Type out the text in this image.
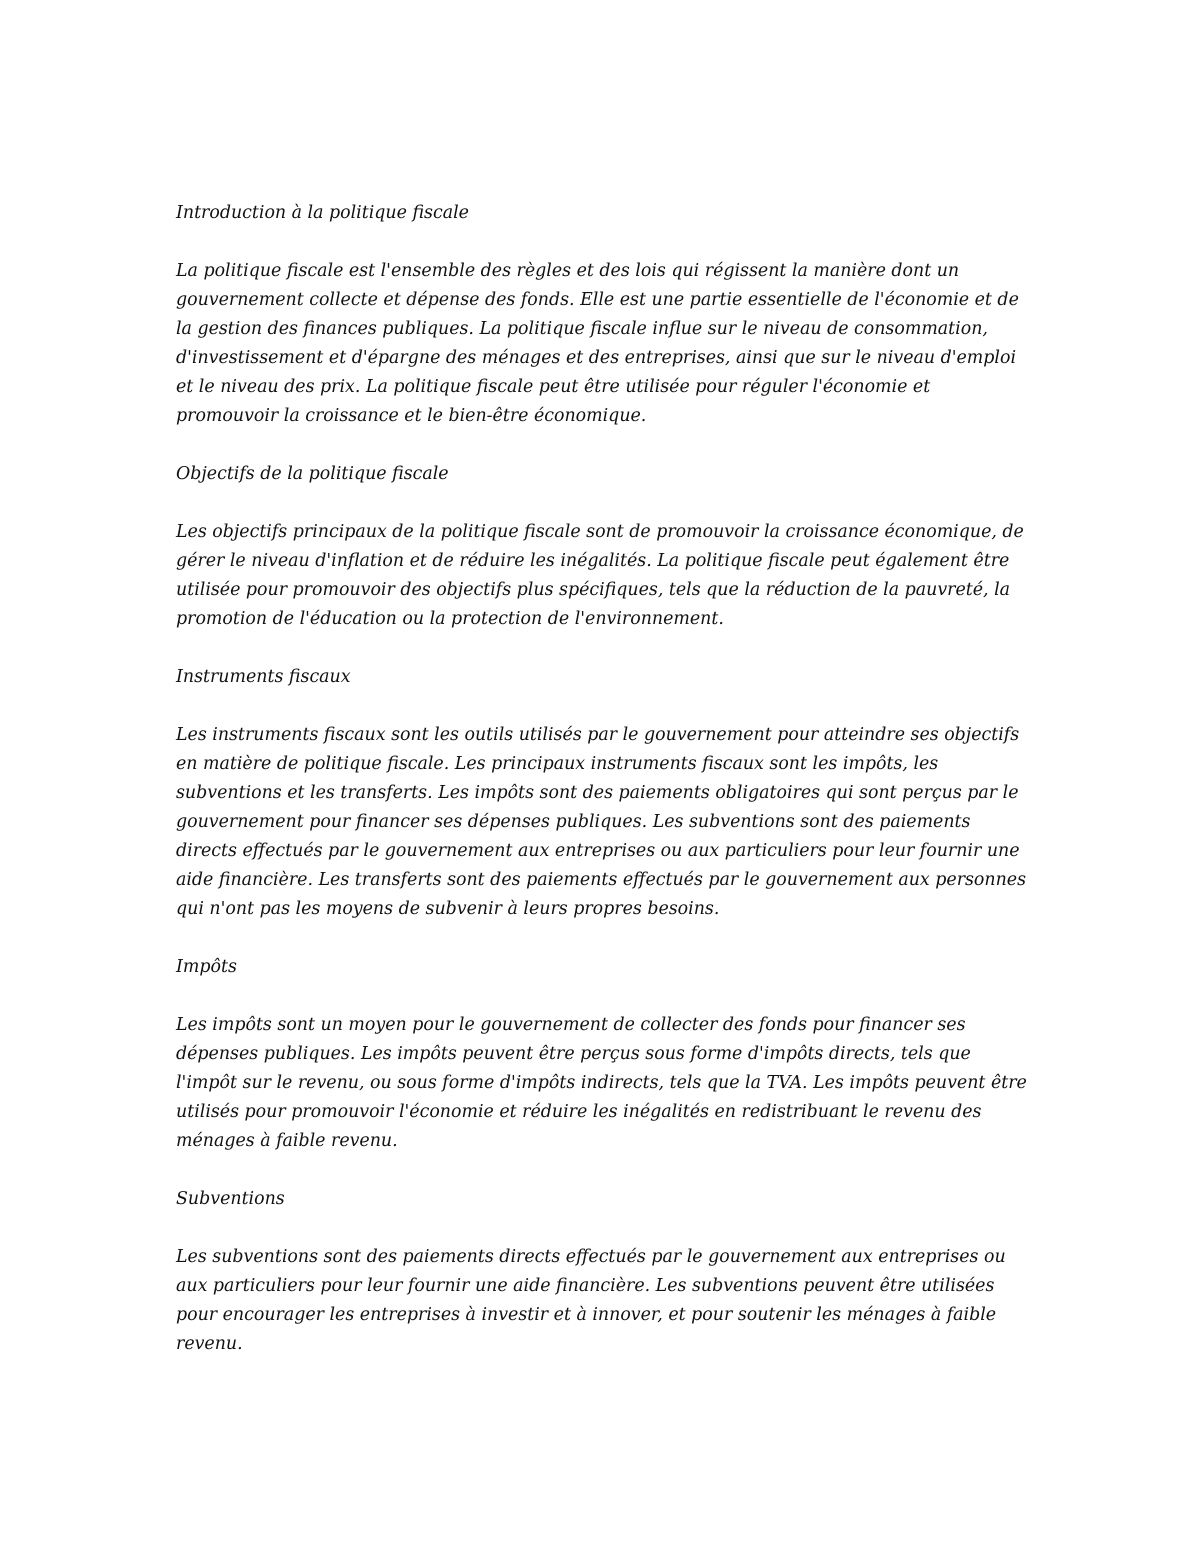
Introduction à la politique fiscale
La politique fiscale est l'ensemble des règles et des lois qui régissent la manière dont un
gouvernement collecte et dépense des fonds. Elle est une partie essentielle de l'économie et de
la gestion des finances publiques. La politique fiscale influe sur le niveau de consommation,
d'investissement et d'épargne des ménages et des entreprises, ainsi que sur le niveau d'emploi
et le niveau des prix. La politique fiscale peut être utilisée pour réguler l'économie et
promouvoir la croissance et le bien-être économique.
Objectifs de la politique fiscale
Les objectifs principaux de la politique fiscale sont de promouvoir la croissance économique, de
gérer le niveau d'inflation et de réduire les inégalités. La politique fiscale peut également être
utilisée pour promouvoir des objectifs plus spécifiques, tels que la réduction de la pauvreté, la
promotion de l'éducation ou la protection de l'environnement.
Instruments fiscaux
Les instruments fiscaux sont les outils utilisés par le gouvernement pour atteindre ses objectifs
en matière de politique fiscale. Les principaux instruments fiscaux sont les impôts, les
subventions et les transferts. Les impôts sont des paiements obligatoires qui sont perçus par le
gouvernement pour financer ses dépenses publiques. Les subventions sont des paiements
directs effectués par le gouvernement aux entreprises ou aux particuliers pour leur fournir une
aide financière. Les transferts sont des paiements effectués par le gouvernement aux personnes
qui n'ont pas les moyens de subvenir à leurs propres besoins.
Impôts
Les impôts sont un moyen pour le gouvernement de collecter des fonds pour financer ses
dépenses publiques. Les impôts peuvent être perçus sous forme d'impôts directs, tels que
l'impôt sur le revenu, ou sous forme d'impôts indirects, tels que la TVA. Les impôts peuvent être
utilisés pour promouvoir l'économie et réduire les inégalités en redistribuant le revenu des
ménages à faible revenu.
Subventions
Les subventions sont des paiements directs effectués par le gouvernement aux entreprises ou
aux particuliers pour leur fournir une aide financière. Les subventions peuvent être utilisées
pour encourager les entreprises à investir et à innover, et pour soutenir les ménages à faible
revenu.
